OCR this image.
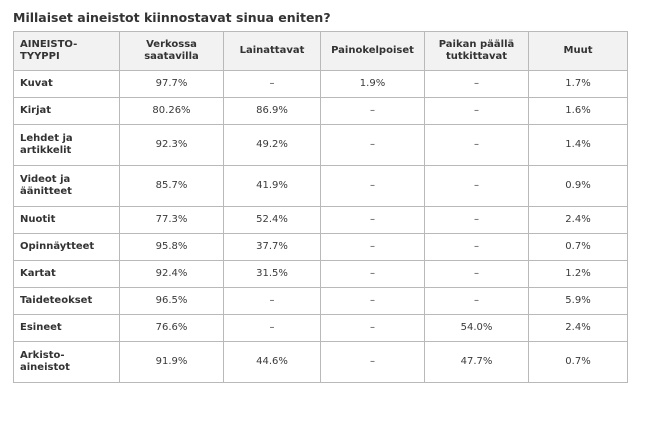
Millaiset aineistot kiinnostavat sinua eniten?
AINEISTO-TYYPPI	Verkossa saatavilla	Lainattavat	Painokelpoiset	Paikan päällä tutkittavat	Muut
Kuvat	97.7%	–	1.9%	–	1.7%
Kirjat	80.26%	86.9%	–	–	1.6%
Lehdet ja artikkelit	92.3%	49.2%	–	–	1.4%
Videot ja äänitteet	85.7%	41.9%	–	–	0.9%
Nuotit	77.3%	52.4%	–	–	2.4%
Opinnäytteet	95.8%	37.7%	–	–	0.7%
Kartat	92.4%	31.5%	–	–	1.2%
Taideteokset	96.5%	–	–	–	5.9%
Esineet	76.6%	–	–	54.0%	2.4%
Arkisto-aineistot	91.9%	44.6%	–	47.7%	0.7%
